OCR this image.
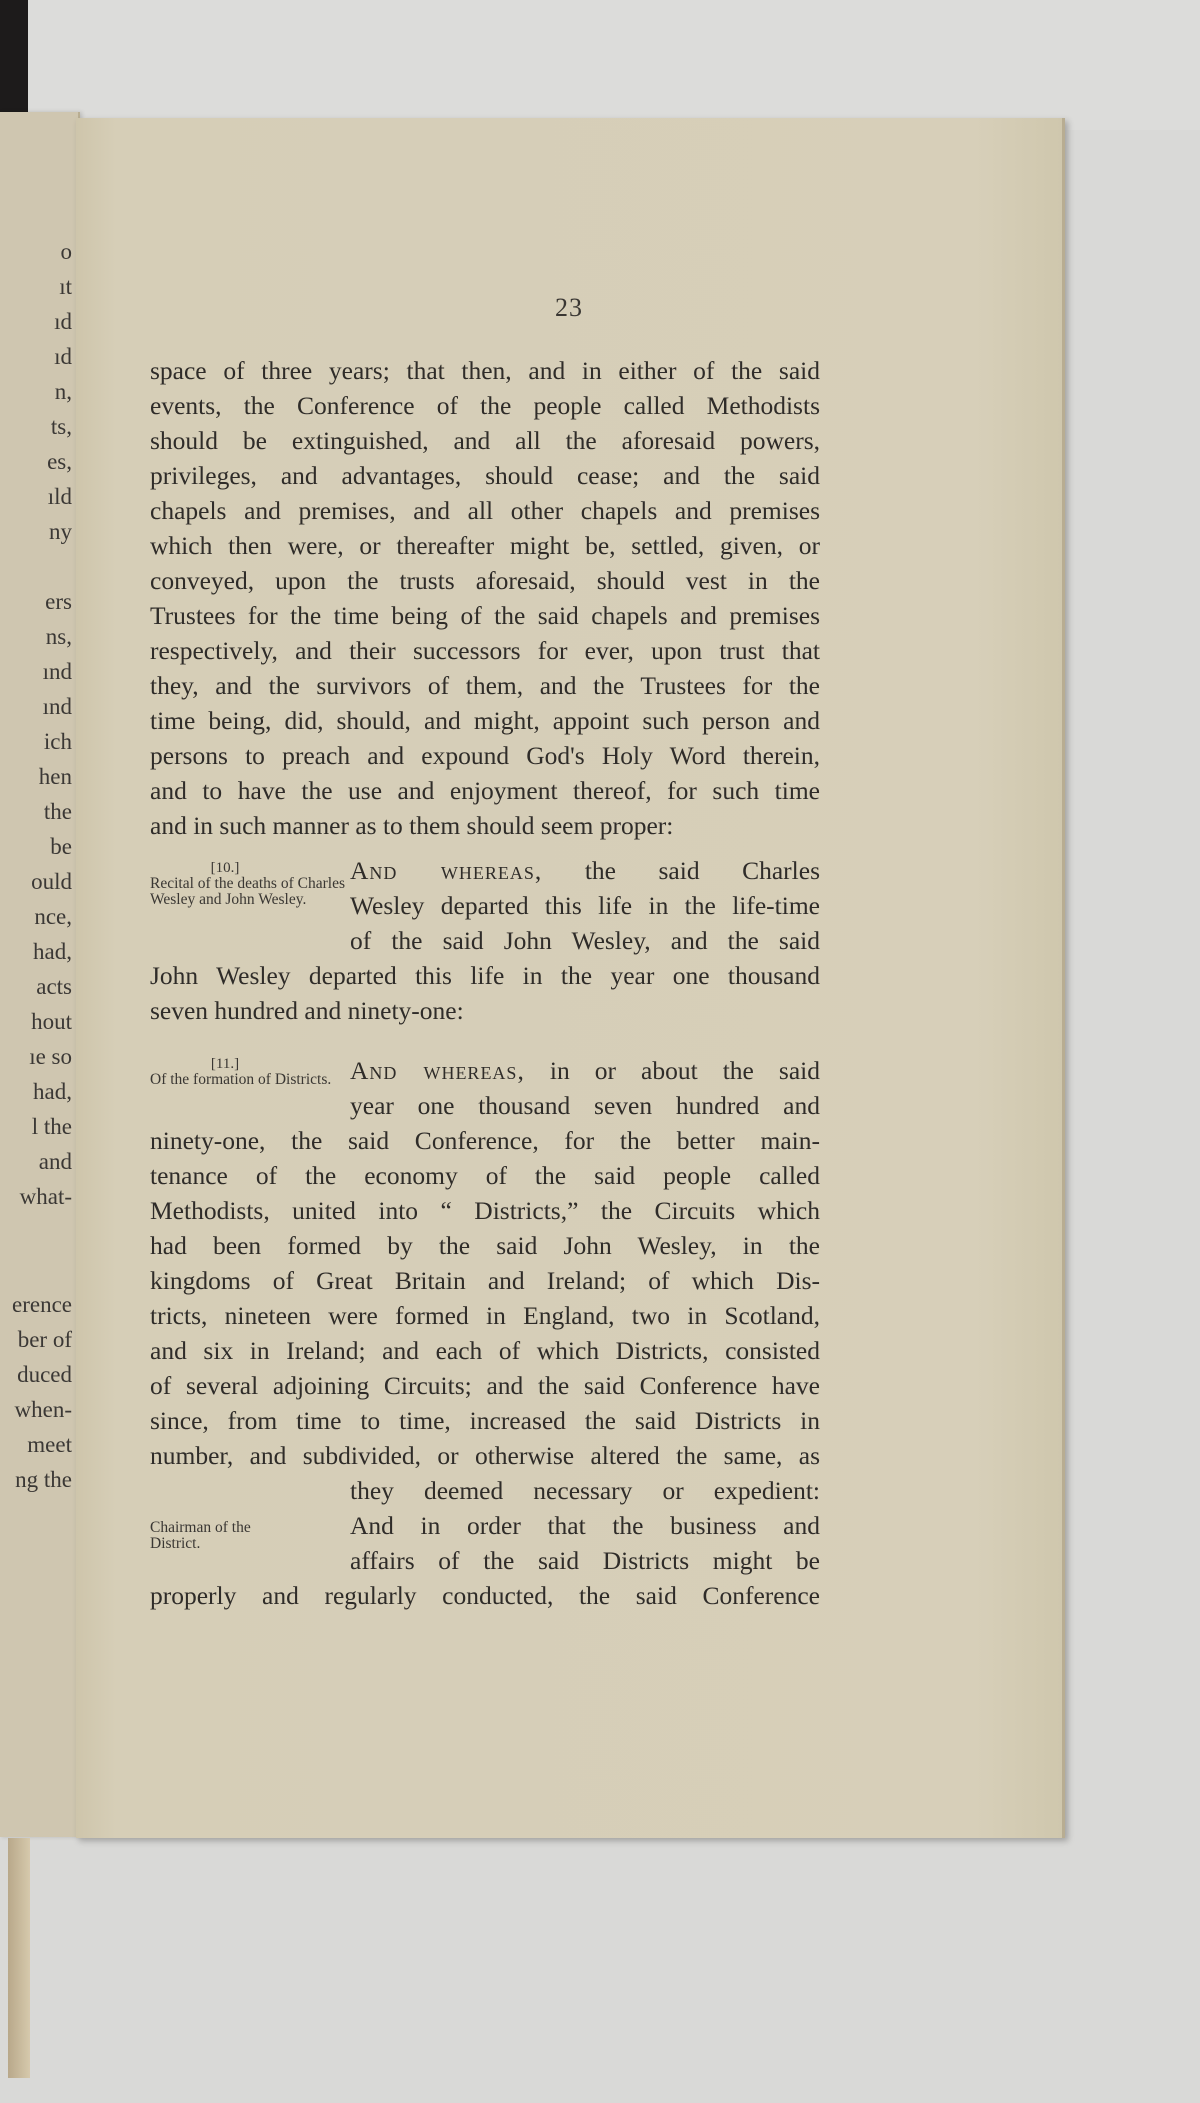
o
ıt
ıd
ıd
n,
ts,
es,
ıld
ny
ers
ns,
ınd
ınd
ich
hen
the
be
ould
nce,
had,
acts
hout
ıe so
had,
l the
and
what-
erence
ber of
duced
when-
meet
ng the
23
space of three years; that then, and in either of the said
events, the Conference of the people called Methodists
should be extinguished, and all the aforesaid powers,
privileges, and advantages, should cease; and the said
chapels and premises, and all other chapels and premises
which then were, or thereafter might be, settled, given, or
conveyed, upon the trusts aforesaid, should vest in the
Trustees for the time being of the said chapels and premises
respectively, and their successors for ever, upon trust that
they, and the survivors of them, and the Trustees for the
time being, did, should, and might, appoint such person and
persons to preach and expound God's Holy Word therein,
and to have the use and enjoyment thereof, for such time
and in such manner as to them should seem proper:
[10.]
Recital of the deaths of Charles Wesley and John Wesley.
And whereas, the said Charles
Wesley departed this life in the life-time
of the said John Wesley, and the said
John Wesley departed this life in the year one thousand
seven hundred and ninety-one:
[11.]
Of the formation of Districts. And whereas, in or about the said
year one thousand seven hundred and
ninety-one, the said Conference, for the better main-
tenance of the economy of the said people called
Methodists, united into “ Districts,” the Circuits which
had been formed by the said John Wesley, in the
kingdoms of Great Britain and Ireland; of which Dis-
tricts, nineteen were formed in England, two in Scotland,
and six in Ireland; and each of which Districts, consisted
of several adjoining Circuits; and the said Conference have
since, from time to time, increased the said Districts in
number, and subdivided, or otherwise altered the same, as
Chairman of the District.
they deemed necessary or expedient:
And in order that the business and
affairs of the said Districts might be
properly and regularly conducted, the said Conference
